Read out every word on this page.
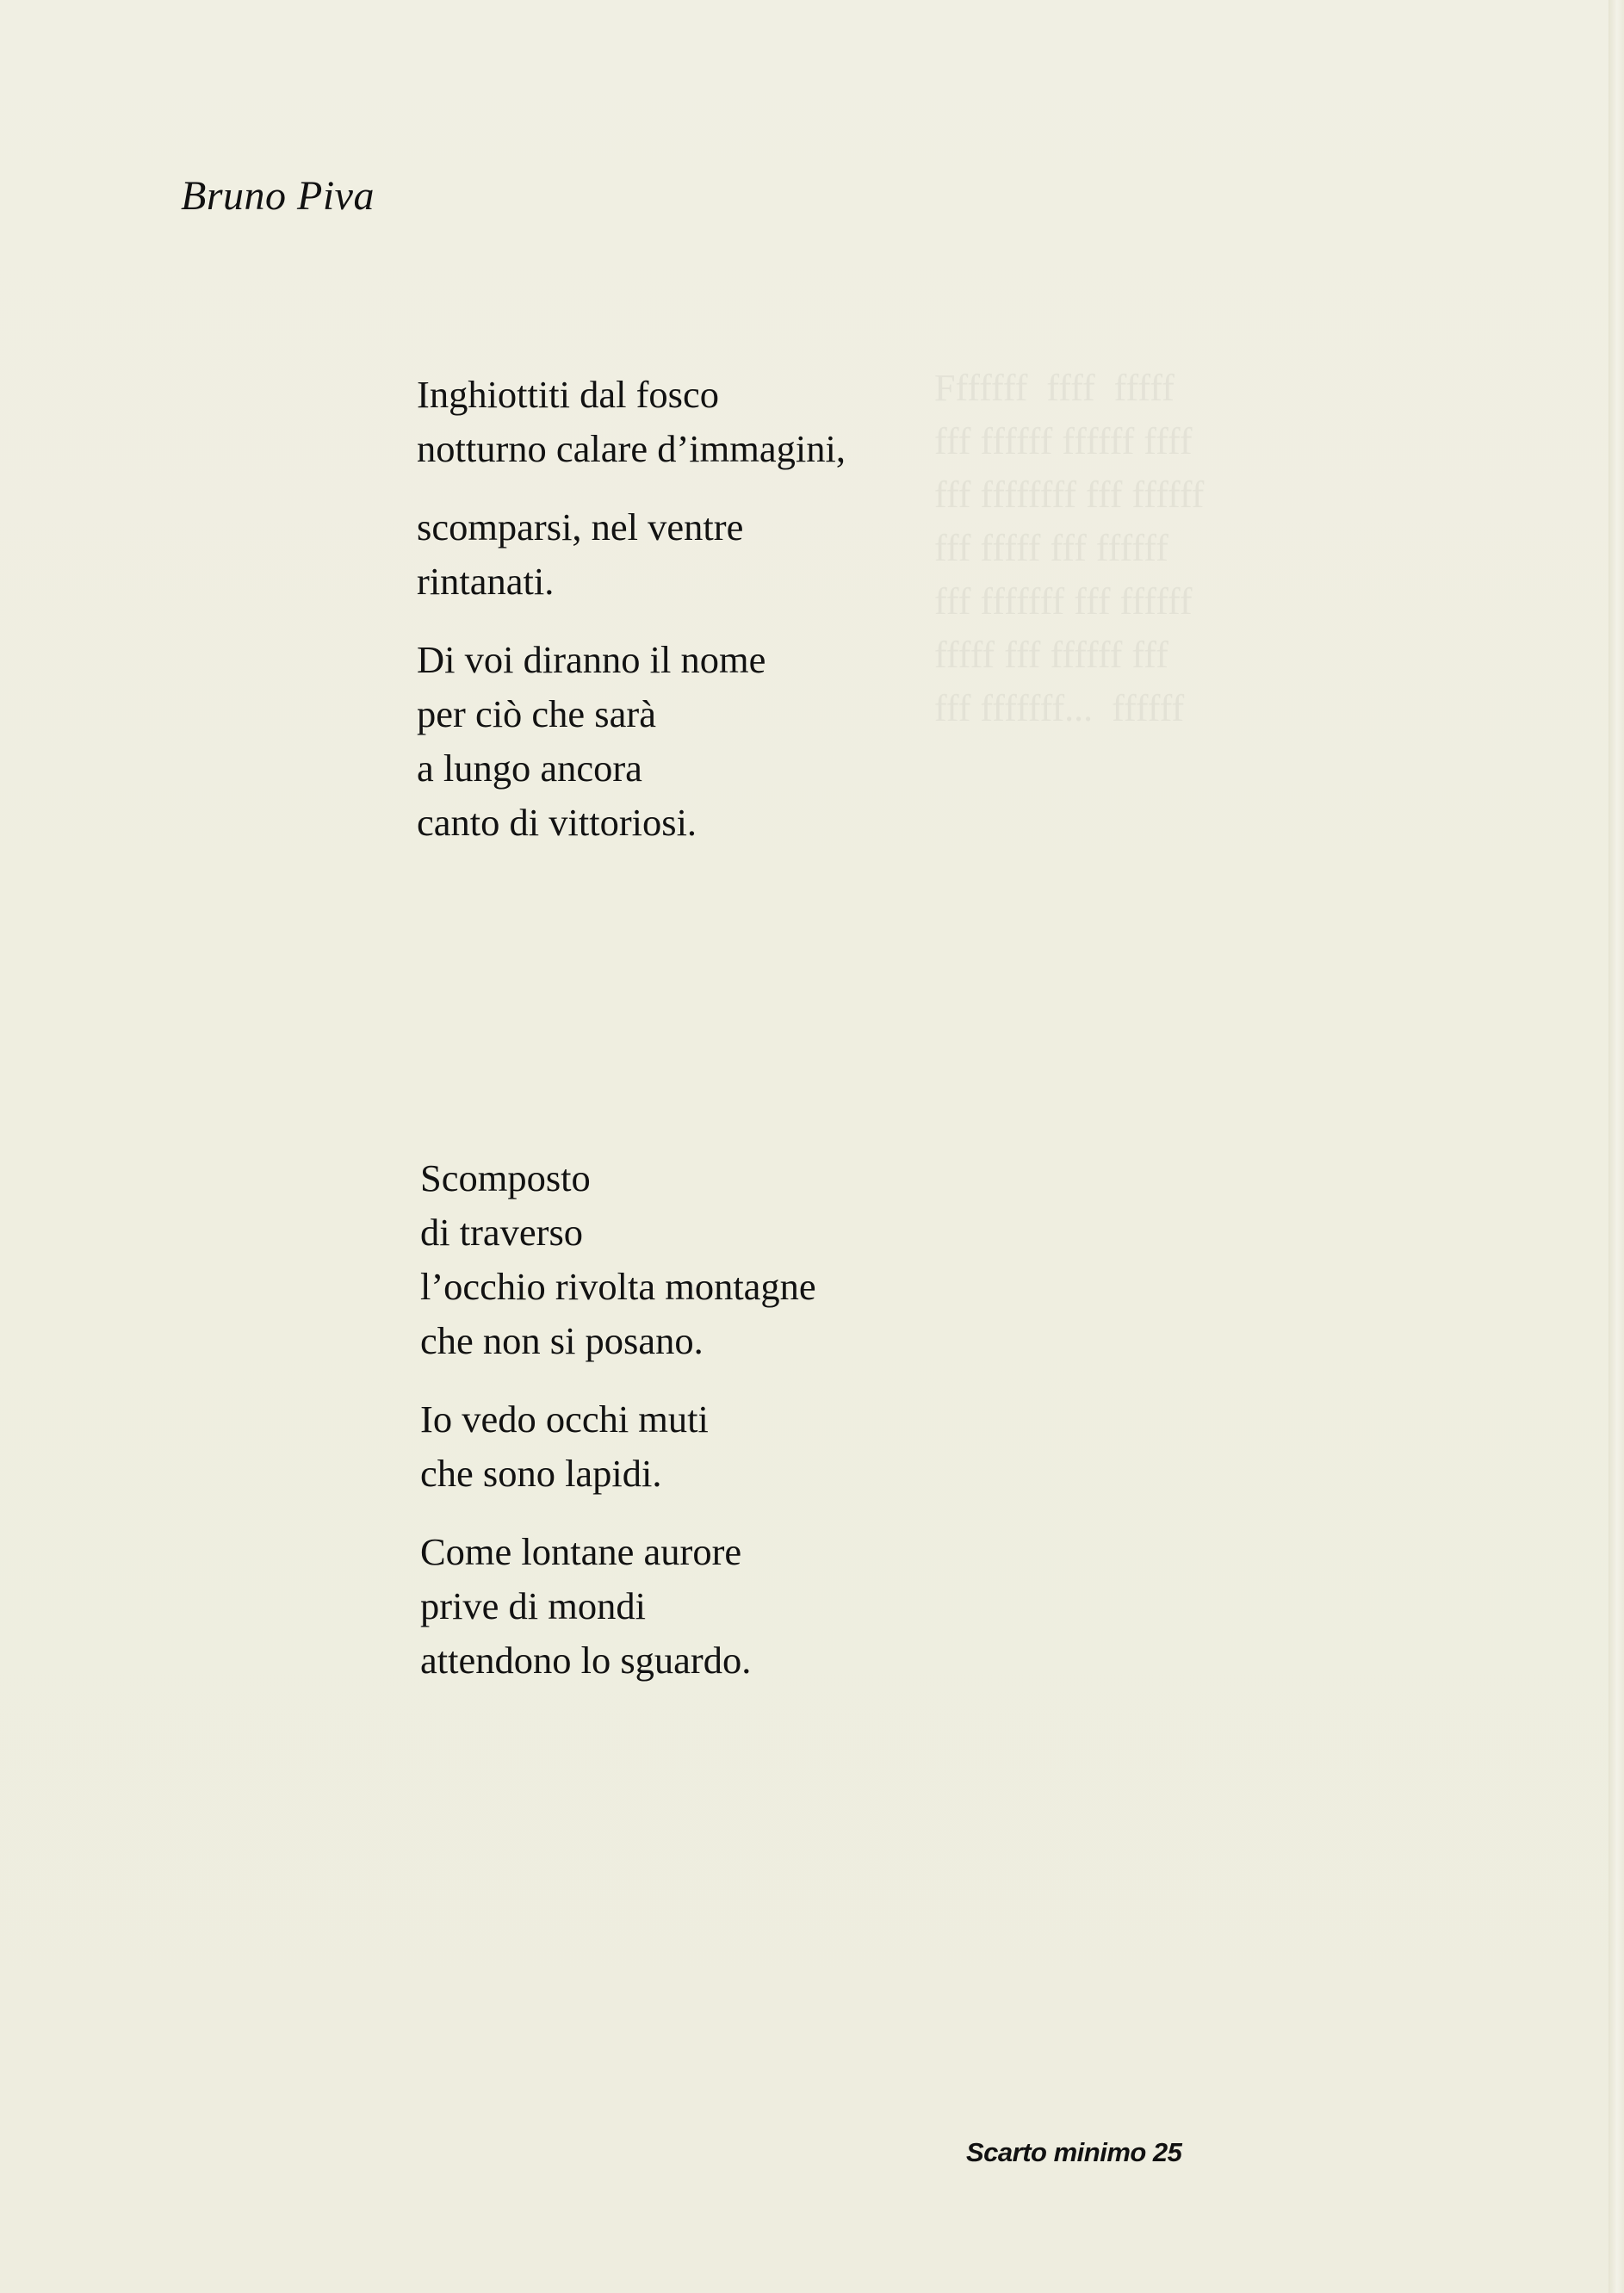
Fffffff  ffff  fffff
fff ffffff ffffff ffff
fff ffffffff fff ffffff
fff fffff fff ffffff
fff fffffff fff ffffff
fffff fff ffffff fff
fff fffffff...  ffffff
Bruno Piva

Inghiottiti dal fosco
notturno calare d’immagini,

scomparsi, nel ventre
rintanati.

Di voi diranno il nome
per ciò che sarà
a lungo ancora
canto di vittoriosi.

Scomposto
di traverso
l’occhio rivolta montagne
che non si posano.

Io vedo occhi muti
che sono lapidi.

Come lontane aurore
prive di mondi
attendono lo sguardo.

Scarto minimo 25
